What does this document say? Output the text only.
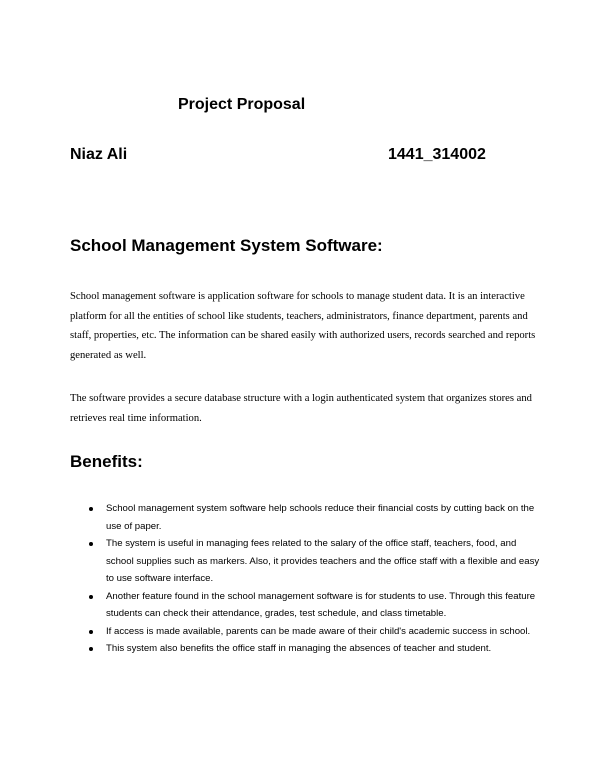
Project Proposal
Niaz Ali	1441_314002
School Management System Software:

School management software is application software for schools to manage student data. It is an interactive platform for all the entities of school like students, teachers, administrators, finance department, parents and staff, properties, etc. The information can be shared easily with authorized users, records searched and reports generated as well.

The software provides a secure database structure with a login authenticated system that organizes stores and retrieves real time information.

Benefits:
School management system software help schools reduce their financial costs by cutting back on the use of paper.
The system is useful in managing fees related to the salary of the office staff, teachers, food, and school supplies such as markers. Also, it provides teachers and the office staff with a flexible and easy to use software interface.
Another feature found in the school management software is for students to use. Through this feature students can check their attendance, grades, test schedule, and class timetable.
If access is made available, parents can be made aware of their child's academic success in school.
This system also benefits the office staff in managing the absences of teacher and student.
